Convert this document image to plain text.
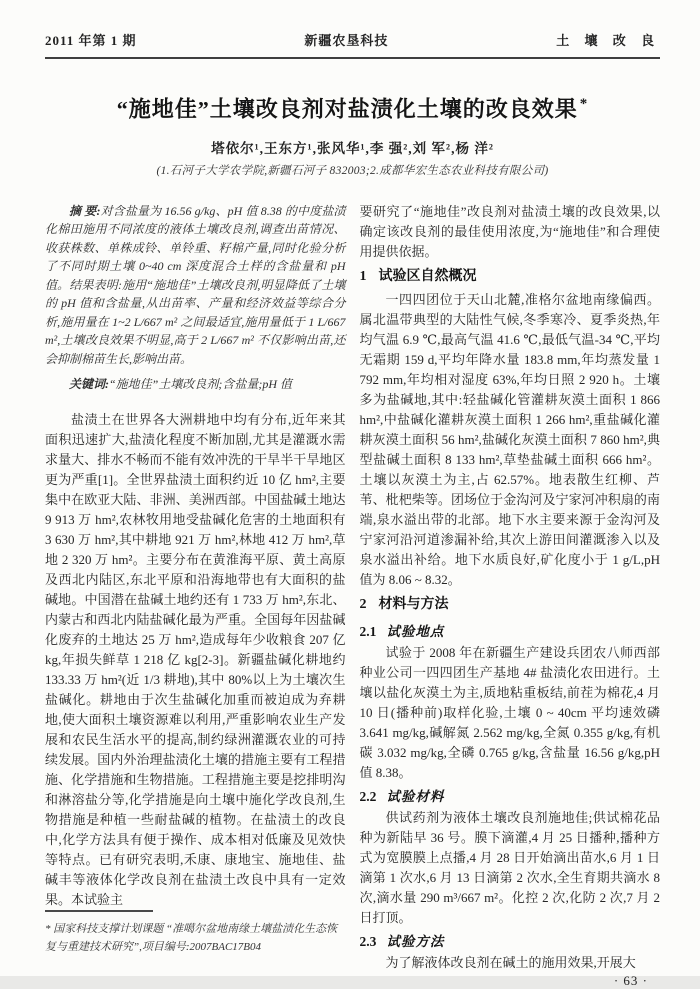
2011 年第 1 期	新疆农垦科技	土 壤 改 良
“施地佳”土壤改良剂对盐渍化土壤的改良效果 *
塔依尔¹,王东方¹,张风华¹,李 强²,刘 军²,杨 洋²
(1.石河子大学农学院,新疆石河子 832003;2.成都华宏生态农业科技有限公司)

摘 要:对含盐量为 16.56 g/kg、pH 值 8.38 的中度盐渍化棉田施用不同浓度的液体土壤改良剂,调查出苗情况、收获株数、单株成铃、单铃重、籽棉产量,同时化验分析了不同时期土壤 0~40 cm 深度混合土样的含盐量和 pH 值。结果表明:施用“施地佳”土壤改良剂,明显降低了土壤的 pH 值和含盐量,从出苗率、产量和经济效益等综合分析,施用量在 1~2 L/667 m² 之间最适宜,施用量低于 1 L/667 m²,土壤改良效果不明显,高于 2 L/667 m² 不仅影响出苗,还会抑制棉苗生长,影响出苗。

关键词:“施地佳”土壤改良剂;含盐量;pH 值

盐渍土在世界各大洲耕地中均有分布,近年来其面积迅速扩大,盐渍化程度不断加剧,尤其是灌溉水需求量大、排水不畅而不能有效冲洗的干旱半干旱地区更为严重[1]。全世界盐渍土面积约近 10 亿 hm²,主要集中在欧亚大陆、非洲、美洲西部。中国盐碱土地达 9 913 万 hm²,农林牧用地受盐碱化危害的土地面积有 3 630 万 hm²,其中耕地 921 万 hm²,林地 412 万 hm²,草地 2 320 万 hm²。主要分布在黄淮海平原、黄土高原及西北内陆区,东北平原和沿海地带也有大面积的盐碱地。中国潜在盐碱土地约还有 1 733 万 hm²,东北、内蒙古和西北内陆盐碱化最为严重。全国每年因盐碱化废弃的土地达 25 万 hm²,造成每年少收粮食 207 亿 kg,年损失鲜草 1 218 亿 kg[2-3]。新疆盐碱化耕地约 133.33 万 hm²(近 1/3 耕地),其中 80%以上为土壤次生盐碱化。耕地由于次生盐碱化加重而被迫成为弃耕地,使大面积土壤资源难以利用,严重影响农业生产发展和农民生活水平的提高,制约绿洲灌溉农业的可持续发展。国内外治理盐渍化土壤的措施主要有工程措施、化学措施和生物措施。工程措施主要是挖排明沟和淋溶盐分等,化学措施是向土壤中施化学改良剂,生物措施是种植一些耐盐碱的植物。在盐渍土的改良中,化学方法具有便于操作、成本相对低廉及见效快等特点。已有研究表明,禾康、康地宝、施地佳、盐碱丰等液体化学改良剂在盐渍土改良中具有一定效果。本试验主

* 国家科技支撑计划课题 “准噶尔盆地南缘土壤盐渍化生态恢复与重建技术研究”,项目编号:2007BAC17B04

要研究了“施地佳”改良剂对盐渍土壤的改良效果,以确定该改良剂的最佳使用浓度,为“施地佳”和合理使用提供依据。

1 试验区自然概况

一四四团位于天山北麓,准格尔盆地南缘偏西。属北温带典型的大陆性气候,冬季寒冷、夏季炎热,年均气温 6.9 ℃,最高气温 41.6 ℃,最低气温-34 ℃,平均无霜期 159 d,平均年降水量 183.8 mm,年均蒸发量 1 792 mm,年均相对湿度 63%,年均日照 2 920 h。土壤多为盐碱地,其中:轻盐碱化管灌耕灰漠土面积 1 866 hm²,中盐碱化灌耕灰漠土面积 1 266 hm²,重盐碱化灌耕灰漠土面积 56 hm²,盐碱化灰漠土面积 7 860 hm²,典型盐碱土面积 8 133 hm²,草垫盐碱土面积 666 hm²。土壤以灰漠土为主,占 62.57%。地表散生红柳、芦苇、枇杷柴等。团场位于金沟河及宁家河冲积扇的南端,泉水溢出带的北部。地下水主要来源于金沟河及宁家河沿河道渗漏补给,其次上游田间灌溉渗入以及泉水溢出补给。地下水质良好,矿化度小于 1 g/L,pH 值为 8.06 ~ 8.32。

2 材料与方法
2.1 试验地点

试验于 2008 年在新疆生产建设兵团农八师西部种业公司一四四团生产基地 4# 盐渍化农田进行。土壤以盐化灰漠土为主,质地粘重板结,前茬为棉花,4 月 10 日(播种前)取样化验,土壤 0 ~ 40cm 平均速效磷 3.641 mg/kg,碱解氮 2.562 mg/kg,全氮 0.355 g/kg,有机碳 3.032 mg/kg,全磷 0.765 g/kg,含盐量 16.56 g/kg,pH 值 8.38。

2.2 试验材料

供试药剂为液体土壤改良剂施地佳;供试棉花品种为新陆早 36 号。膜下滴灌,4 月 25 日播种,播种方式为宽膜膜上点播,4 月 28 日开始滴出苗水,6 月 1 日滴第 1 次水,6 月 13 日滴第 2 次水,全生育期共滴水 8 次,滴水量 290 m³/667 m²。化控 2 次,化防 2 次,7 月 2 日打顶。

2.3 试验方法

为了解液体改良剂在碱土的施用效果,开展大

· 63 ·
